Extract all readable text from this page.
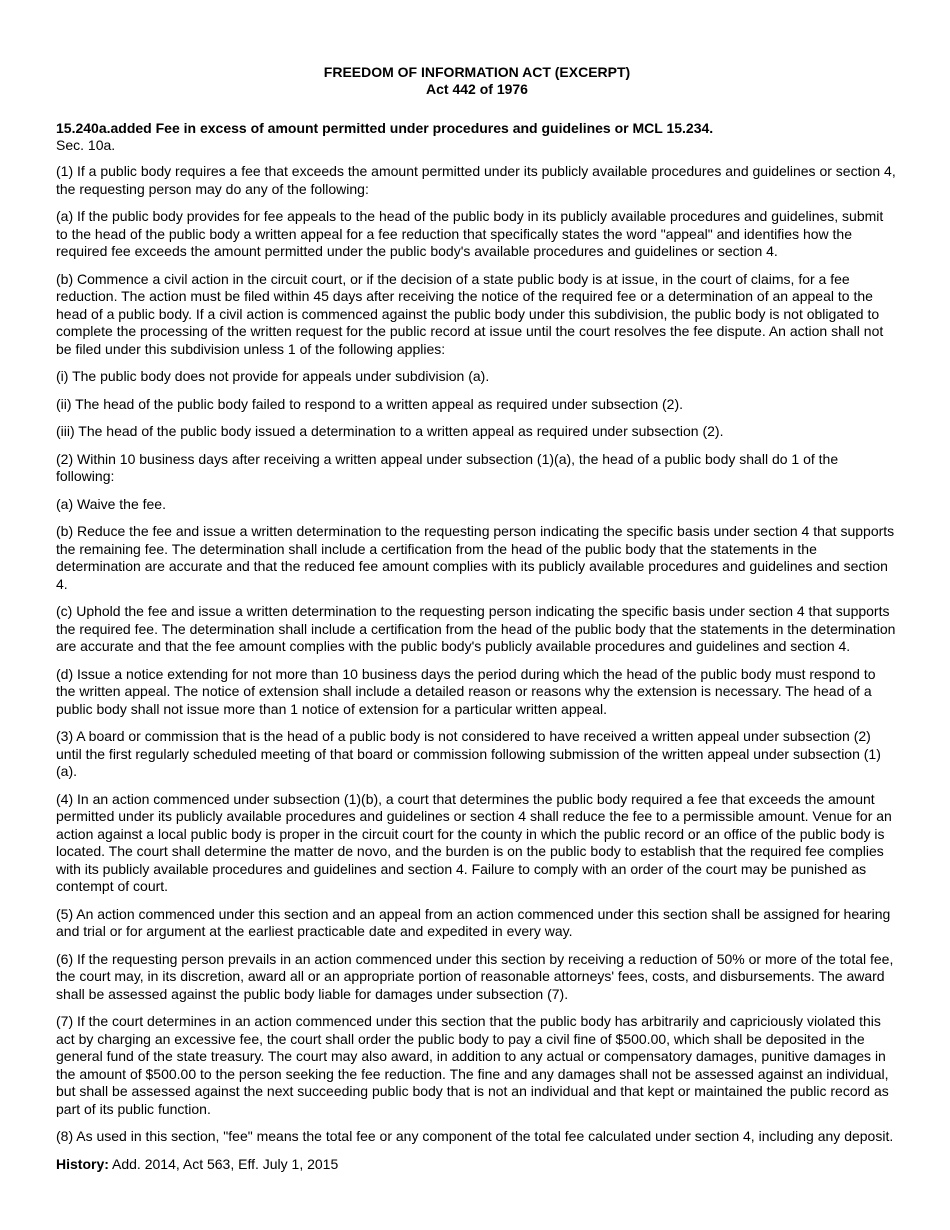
FREEDOM OF INFORMATION ACT (EXCERPT)
Act 442 of 1976
15.240a.added Fee in excess of amount permitted under procedures and guidelines or MCL 15.234.
Sec. 10a.

(1) If a public body requires a fee that exceeds the amount permitted under its publicly available procedures and guidelines or section 4, the requesting person may do any of the following:

(a) If the public body provides for fee appeals to the head of the public body in its publicly available procedures and guidelines, submit to the head of the public body a written appeal for a fee reduction that specifically states the word "appeal" and identifies how the required fee exceeds the amount permitted under the public body's available procedures and guidelines or section 4.

(b) Commence a civil action in the circuit court, or if the decision of a state public body is at issue, in the court of claims, for a fee reduction. The action must be filed within 45 days after receiving the notice of the required fee or a determination of an appeal to the head of a public body. If a civil action is commenced against the public body under this subdivision, the public body is not obligated to complete the processing of the written request for the public record at issue until the court resolves the fee dispute. An action shall not be filed under this subdivision unless 1 of the following applies:

(i) The public body does not provide for appeals under subdivision (a).

(ii) The head of the public body failed to respond to a written appeal as required under subsection (2).

(iii) The head of the public body issued a determination to a written appeal as required under subsection (2).

(2) Within 10 business days after receiving a written appeal under subsection (1)(a), the head of a public body shall do 1 of the following:

(a) Waive the fee.

(b) Reduce the fee and issue a written determination to the requesting person indicating the specific basis under section 4 that supports the remaining fee. The determination shall include a certification from the head of the public body that the statements in the determination are accurate and that the reduced fee amount complies with its publicly available procedures and guidelines and section 4.

(c) Uphold the fee and issue a written determination to the requesting person indicating the specific basis under section 4 that supports the required fee. The determination shall include a certification from the head of the public body that the statements in the determination are accurate and that the fee amount complies with the public body's publicly available procedures and guidelines and section 4.

(d) Issue a notice extending for not more than 10 business days the period during which the head of the public body must respond to the written appeal. The notice of extension shall include a detailed reason or reasons why the extension is necessary. The head of a public body shall not issue more than 1 notice of extension for a particular written appeal.

(3) A board or commission that is the head of a public body is not considered to have received a written appeal under subsection (2) until the first regularly scheduled meeting of that board or commission following submission of the written appeal under subsection (1)(a).

(4) In an action commenced under subsection (1)(b), a court that determines the public body required a fee that exceeds the amount permitted under its publicly available procedures and guidelines or section 4 shall reduce the fee to a permissible amount. Venue for an action against a local public body is proper in the circuit court for the county in which the public record or an office of the public body is located. The court shall determine the matter de novo, and the burden is on the public body to establish that the required fee complies with its publicly available procedures and guidelines and section 4. Failure to comply with an order of the court may be punished as contempt of court.

(5) An action commenced under this section and an appeal from an action commenced under this section shall be assigned for hearing and trial or for argument at the earliest practicable date and expedited in every way.

(6) If the requesting person prevails in an action commenced under this section by receiving a reduction of 50% or more of the total fee, the court may, in its discretion, award all or an appropriate portion of reasonable attorneys' fees, costs, and disbursements. The award shall be assessed against the public body liable for damages under subsection (7).

(7) If the court determines in an action commenced under this section that the public body has arbitrarily and capriciously violated this act by charging an excessive fee, the court shall order the public body to pay a civil fine of $500.00, which shall be deposited in the general fund of the state treasury. The court may also award, in addition to any actual or compensatory damages, punitive damages in the amount of $500.00 to the person seeking the fee reduction. The fine and any damages shall not be assessed against an individual, but shall be assessed against the next succeeding public body that is not an individual and that kept or maintained the public record as part of its public function.

(8) As used in this section, "fee" means the total fee or any component of the total fee calculated under section 4, including any deposit.

History: Add. 2014, Act 563, Eff. July 1, 2015
